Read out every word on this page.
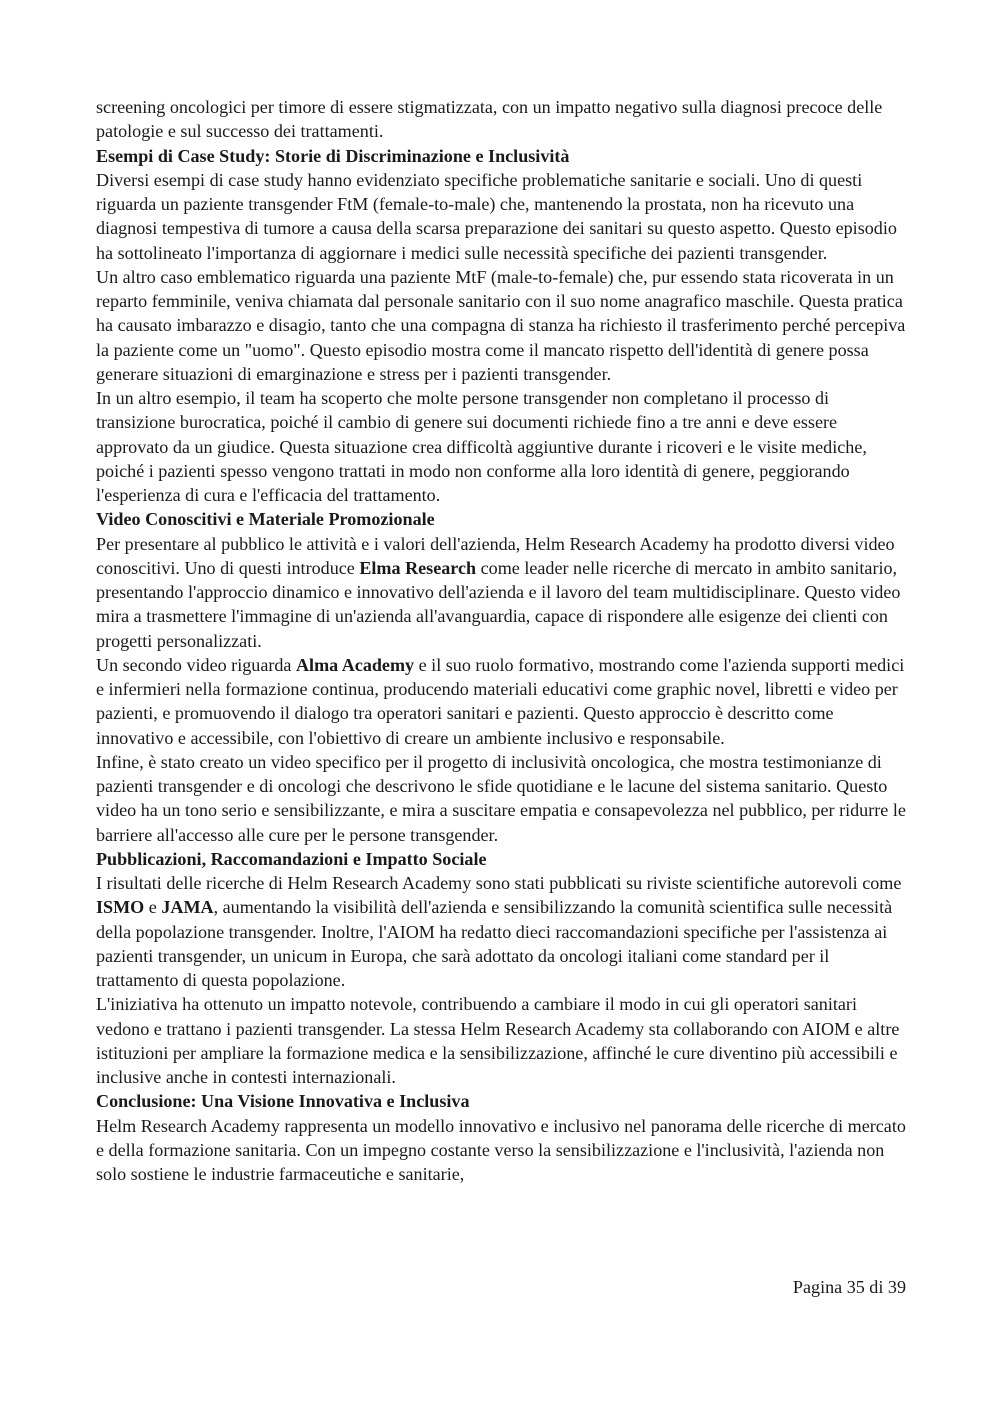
screening oncologici per timore di essere stigmatizzata, con un impatto negativo sulla diagnosi precoce delle patologie e sul successo dei trattamenti.

Esempi di Case Study: Storie di Discriminazione e Inclusività

Diversi esempi di case study hanno evidenziato specifiche problematiche sanitarie e sociali. Uno di questi riguarda un paziente transgender FtM (female-to-male) che, mantenendo la prostata, non ha ricevuto una diagnosi tempestiva di tumore a causa della scarsa preparazione dei sanitari su questo aspetto. Questo episodio ha sottolineato l'importanza di aggiornare i medici sulle necessità specifiche dei pazienti transgender.

Un altro caso emblematico riguarda una paziente MtF (male-to-female) che, pur essendo stata ricoverata in un reparto femminile, veniva chiamata dal personale sanitario con il suo nome anagrafico maschile. Questa pratica ha causato imbarazzo e disagio, tanto che una compagna di stanza ha richiesto il trasferimento perché percepiva la paziente come un "uomo". Questo episodio mostra come il mancato rispetto dell'identità di genere possa generare situazioni di emarginazione e stress per i pazienti transgender.

In un altro esempio, il team ha scoperto che molte persone transgender non completano il processo di transizione burocratica, poiché il cambio di genere sui documenti richiede fino a tre anni e deve essere approvato da un giudice. Questa situazione crea difficoltà aggiuntive durante i ricoveri e le visite mediche, poiché i pazienti spesso vengono trattati in modo non conforme alla loro identità di genere, peggiorando l'esperienza di cura e l'efficacia del trattamento.

Video Conoscitivi e Materiale Promozionale

Per presentare al pubblico le attività e i valori dell'azienda, Helm Research Academy ha prodotto diversi video conoscitivi. Uno di questi introduce Elma Research come leader nelle ricerche di mercato in ambito sanitario, presentando l'approccio dinamico e innovativo dell'azienda e il lavoro del team multidisciplinare. Questo video mira a trasmettere l'immagine di un'azienda all'avanguardia, capace di rispondere alle esigenze dei clienti con progetti personalizzati.

Un secondo video riguarda Alma Academy e il suo ruolo formativo, mostrando come l'azienda supporti medici e infermieri nella formazione continua, producendo materiali educativi come graphic novel, libretti e video per pazienti, e promuovendo il dialogo tra operatori sanitari e pazienti. Questo approccio è descritto come innovativo e accessibile, con l'obiettivo di creare un ambiente inclusivo e responsabile.

Infine, è stato creato un video specifico per il progetto di inclusività oncologica, che mostra testimonianze di pazienti transgender e di oncologi che descrivono le sfide quotidiane e le lacune del sistema sanitario. Questo video ha un tono serio e sensibilizzante, e mira a suscitare empatia e consapevolezza nel pubblico, per ridurre le barriere all'accesso alle cure per le persone transgender.

Pubblicazioni, Raccomandazioni e Impatto Sociale

I risultati delle ricerche di Helm Research Academy sono stati pubblicati su riviste scientifiche autorevoli come ISMO e JAMA, aumentando la visibilità dell'azienda e sensibilizzando la comunità scientifica sulle necessità della popolazione transgender. Inoltre, l'AIOM ha redatto dieci raccomandazioni specifiche per l'assistenza ai pazienti transgender, un unicum in Europa, che sarà adottato da oncologi italiani come standard per il trattamento di questa popolazione.

L'iniziativa ha ottenuto un impatto notevole, contribuendo a cambiare il modo in cui gli operatori sanitari vedono e trattano i pazienti transgender. La stessa Helm Research Academy sta collaborando con AIOM e altre istituzioni per ampliare la formazione medica e la sensibilizzazione, affinché le cure diventino più accessibili e inclusive anche in contesti internazionali.

Conclusione: Una Visione Innovativa e Inclusiva

Helm Research Academy rappresenta un modello innovativo e inclusivo nel panorama delle ricerche di mercato e della formazione sanitaria. Con un impegno costante verso la sensibilizzazione e l'inclusività, l'azienda non solo sostiene le industrie farmaceutiche e sanitarie,

Pagina 35 di 39
